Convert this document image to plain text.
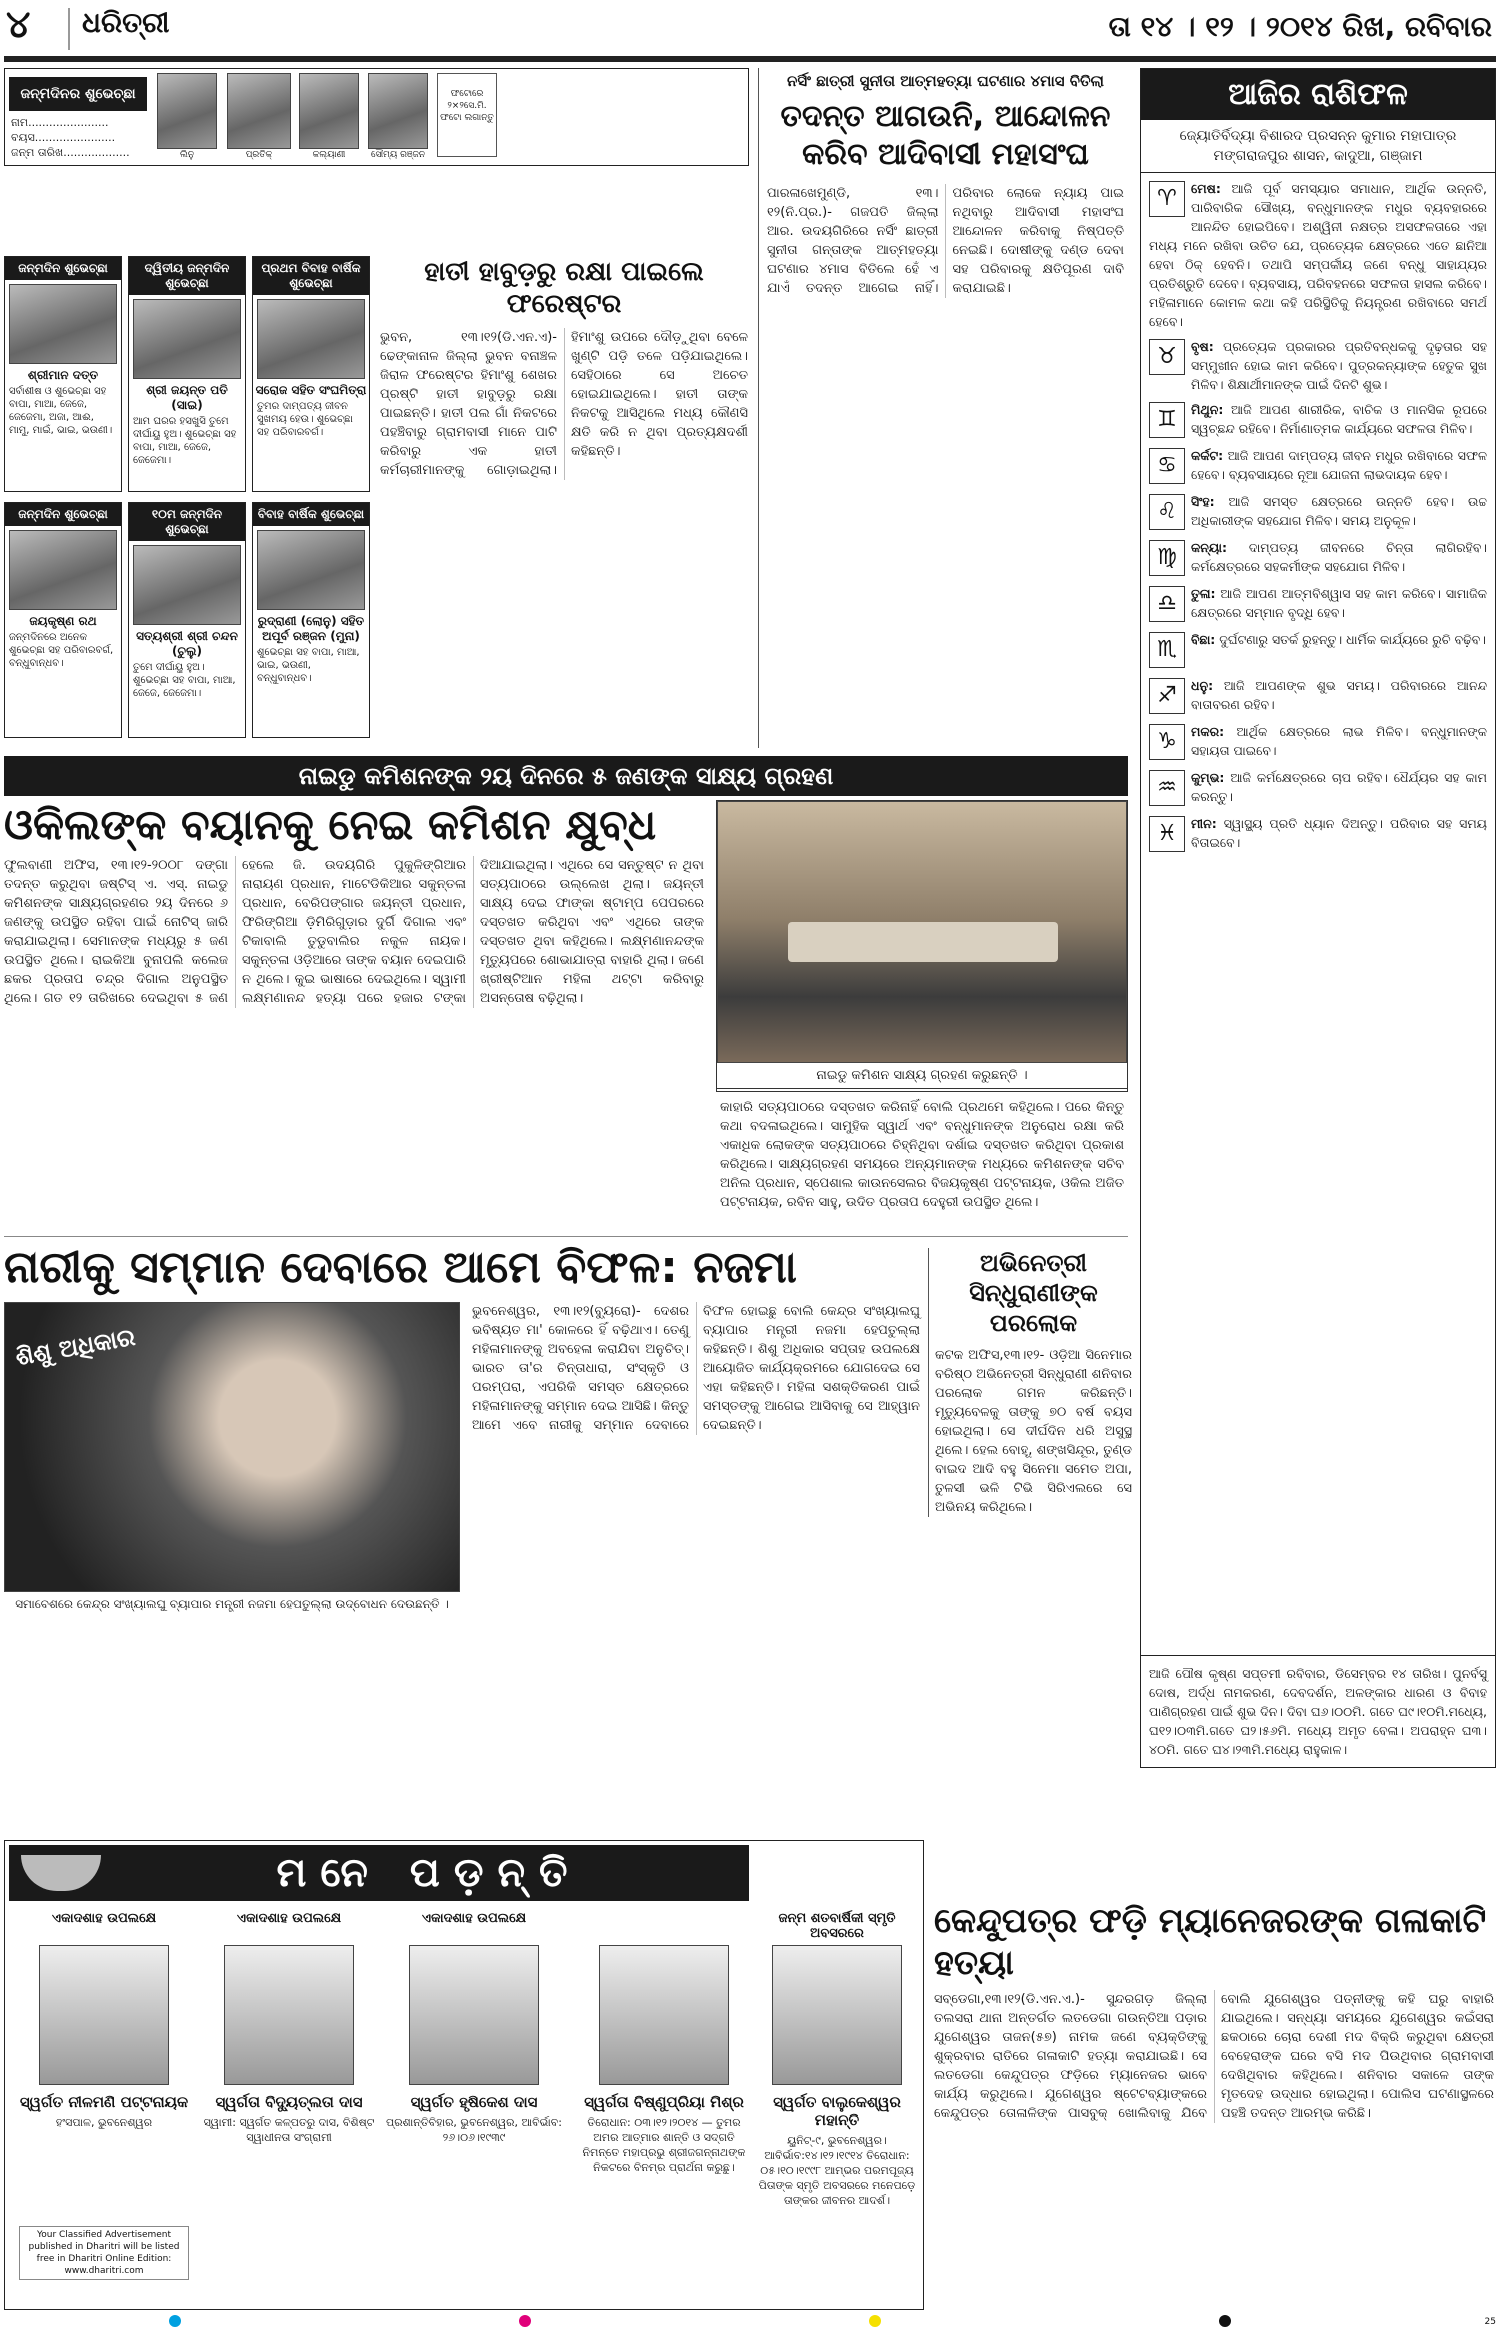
୪ ଧରିତ୍ରୀ	ତା ୧୪ । ୧୨ । ୨୦୧୪ ରିଖ, ରବିବାର
ଜନ୍ମଦିନର ଶୁଭେଚ୍ଛା
ନାମ.......................
ବୟସ.......................
ଜନ୍ମ ତାରିଖ...................	ଲିନୁ	ପ୍ରତିକ୍	କଲ୍ୟାଣୀ	ସୌମ୍ୟ ରଞ୍ଜନ
ଫଟୋରେ ୨×୨ସେ.ମି. ଫଟୋ ଲଗାନ୍ତୁ
ନର୍ସିଂ ଛାତ୍ରୀ ସୁନୀତା ଆତ୍ମହତ୍ୟା ଘଟଣାର ୪ମାସ ବିତିଲା
ତଦନ୍ତ ଆଗଉନି, ଆନ୍ଦୋଳନ କରିବ ଆଦିବାସୀ ମହାସଂଘ
ପାରଳାଖେମୁଣ୍ଡି, ୧୩।୧୨(ନି.ପ୍ର.)- ଗଜପତି ଜିଲ୍ଲା ଆର. ଉଦୟଗିରିରେ ନର୍ସିଂ ଛାତ୍ରୀ ସୁନୀତା ଗନ୍ତାଙ୍କ ଆତ୍ମହତ୍ୟା ଘଟଣାର ୪ମାସ ବିତିଲେ ହେଁ ଏ ଯାଏଁ ତଦନ୍ତ ଆଗେଇ ନାହିଁ। ପରିବାର ଲୋକେ ନ୍ୟାୟ ପାଇ ନଥିବାରୁ ଆଦିବାସୀ ମହାସଂଘ ଆନ୍ଦୋଳନ କରିବାକୁ ନିଷ୍ପତ୍ତି ନେଇଛି। ଦୋଷୀଙ୍କୁ ଦଣ୍ଡ ଦେବା ସହ ପରିବାରକୁ କ୍ଷତିପୂରଣ ଦାବି କରାଯାଇଛି।
ଆଜିର ରାଶିଫଳ
ଜ୍ୟୋତିର୍ବିଦ୍ୟା ବିଶାରଦ ପ୍ରସନ୍ନ କୁମାର ମହାପାତ୍ର
ମଙ୍ଗରାଜପୁର ଶାସନ, କାଦୁଆ, ଗଞ୍ଜାମ
♈	ମେଷ: ଆଜି ପୂର୍ବ ସମସ୍ୟାର ସମାଧାନ, ଆର୍ଥିକ ଉନ୍ନତି, ପାରିବାରିକ ସୌଖ୍ୟ, ବନ୍ଧୁମାନଙ୍କ ମଧୁର ବ୍ୟବହାରରେ ଆନନ୍ଦିତ ହୋଇପିବେ। ଅଶ୍ୱିନୀ ନକ୍ଷତ୍ର ଅସଫଳତାରେ ଏହା ମଧ୍ୟ ମନେ ରଖିବା ଉଚିତ ଯେ, ପ୍ରତ୍ୟେକ କ୍ଷେତ୍ରରେ ଏତେ ଛାନିଆ ହେବା ଠିକ୍ ହେବନି। ତଥାପି ସମ୍ପର୍କୀୟ ଜଣେ ବନ୍ଧୁ ସାହାଯ୍ୟର ପ୍ରତିଶ୍ରୁତି ଦେବେ। ବ୍ୟବସାୟ, ପରିବହନରେ ସଫଳତା ହାସଲ କରିବେ। ମହିଳାମାନେ କୋମଳ କଥା କହି ପରିସ୍ଥିତିକୁ ନିୟନ୍ତ୍ରଣ ରଖିବାରେ ସମର୍ଥ ହେବେ।
♉	ବୃଷ: ପ୍ରତ୍ୟେକ ପ୍ରକାରର ପ୍ରତିବନ୍ଧକକୁ ଦୃଢ଼ତାର ସହ ସମ୍ମୁଖୀନ ହୋଇ କାମ କରିବେ। ପୁତ୍ରକନ୍ୟାଙ୍କ ହେତୁକ ସୁଖ ମିଳିବ। ଶିକ୍ଷାର୍ଥୀମାନଙ୍କ ପାଇଁ ଦିନଟି ଶୁଭ।
♊	ମିଥୁନ: ଆଜି ଆପଣ ଶାରୀରିକ, ବାଚିକ ଓ ମାନସିକ ରୂପରେ ସ୍ୱଚ୍ଛନ୍ଦ ରହିବେ। ନିର୍ମାଣାତ୍ମକ କାର୍ଯ୍ୟରେ ସଫଳତା ମିଳିବ।
♋	କର୍କଟ: ଆଜି ଆପଣ ଦାମ୍ପତ୍ୟ ଜୀବନ ମଧୁର ରଖିବାରେ ସଫଳ ହେବେ। ବ୍ୟବସାୟରେ ନୂଆ ଯୋଜନା ଲାଭଦାୟକ ହେବ।
♌	ସିଂହ: ଆଜି ସମସ୍ତ କ୍ଷେତ୍ରରେ ଉନ୍ନତି ହେବ। ଉଚ୍ଚ ଅଧିକାରୀଙ୍କ ସହଯୋଗ ମିଳିବ। ସମୟ ଅନୁକୂଳ।
♍	କନ୍ୟା: ଦାମ୍ପତ୍ୟ ଜୀବନରେ ଚିନ୍ତା ଲାଗିରହିବ। କର୍ମକ୍ଷେତ୍ରରେ ସହକର୍ମୀଙ୍କ ସହଯୋଗ ମିଳିବ।
♎	ତୁଳା: ଆଜି ଆପଣ ଆତ୍ମବିଶ୍ୱାସ ସହ କାମ କରିବେ। ସାମାଜିକ କ୍ଷେତ୍ରରେ ସମ୍ମାନ ବୃଦ୍ଧି ହେବ।
♏	ବିଛା: ଦୁର୍ଘଟଣାରୁ ସତର୍କ ରୁହନ୍ତୁ। ଧାର୍ମିକ କାର୍ଯ୍ୟରେ ରୁଚି ବଢ଼ିବ।
♐	ଧନୁ: ଆଜି ଆପଣଙ୍କ ଶୁଭ ସମୟ। ପରିବାରରେ ଆନନ୍ଦ ବାତାବରଣ ରହିବ।
♑	ମକର: ଆର୍ଥିକ କ୍ଷେତ୍ରରେ ଲାଭ ମିଳିବ। ବନ୍ଧୁମାନଙ୍କ ସହାୟତା ପାଇବେ।
♒	କୁମ୍ଭ: ଆଜି କର୍ମକ୍ଷେତ୍ରରେ ଚାପ ରହିବ। ଧୈର୍ଯ୍ୟର ସହ କାମ କରନ୍ତୁ।
♓	ମୀନ: ସ୍ୱାସ୍ଥ୍ୟ ପ୍ରତି ଧ୍ୟାନ ଦିଅନ୍ତୁ। ପରିବାର ସହ ସମୟ ବିତାଇବେ।
ଆଜି ପୌଷ କୃଷ୍ଣ ସପ୍ତମୀ ରବିବାର, ଡିସେମ୍ବର ୧୪ ତାରିଖ। ପୁନର୍ବସୁ ଦୋଷ, ଅର୍ଦ୍ଧ ନାମକରଣ, ଦେବଦର୍ଶନ, ଅଳଙ୍କାର ଧାରଣ ଓ ବିବାହ ପାଣିଗ୍ରହଣ ପାଇଁ ଶୁଭ ଦିନ। ଦିବା ଘ୬।୦୦ମି. ଗତେ ଘ୯।୧୦ମି.ମଧ୍ୟେ, ଘ୧୨।୦୩ମି.ଗତେ ଘ୨।୫୬ମି. ମଧ୍ୟେ ଅମୃତ ବେଳା। ଅପରାହ୍ନ ଘ୩।୪୦ମି. ଗତେ ଘ୪।୨୩ମି.ମଧ୍ୟେ ରାହୁକାଳ।
ଜନ୍ମଦିନ ଶୁଭେଚ୍ଛା
ଶ୍ରୀମାନ ଦତ୍ତ
ସର୍ବାଶୀଷ ଓ ଶୁଭେଚ୍ଛା ସହ ବାପା, ମାଆ, ଜେଜେ, ଜେଜେମା, ଅଜା, ଆଈ, ମାମୁ, ମାଇଁ, ଭାଇ, ଭଉଣୀ।
ଦ୍ୱିତୀୟ ଜନ୍ମଦିନ ଶୁଭେଚ୍ଛା
ଶ୍ରୀ ଜୟନ୍ତ ପତି (ସାଇ)
ଆମ ଘରର ହସଖୁସି ତୁମେ ଦୀର୍ଘାୟୁ ହୁଅ। ଶୁଭେଚ୍ଛା ସହ ବାପା, ମାଆ, ଜେଜେ, ଜେଜେମା।
ପ୍ରଥମ ବିବାହ ବାର୍ଷିକ ଶୁଭେଚ୍ଛା
ସରୋଜ ସହିତ ସଂଘମିତ୍ରା
ତୁମର ଦାମ୍ପତ୍ୟ ଜୀବନ ସୁଖମୟ ହେଉ। ଶୁଭେଚ୍ଛା ସହ ପରିବାରବର୍ଗ।
ଜନ୍ମଦିନ ଶୁଭେଚ୍ଛା
ଜୟକୃଷ୍ଣ ରଥ
ଜନ୍ମଦିନରେ ଅନେକ ଶୁଭେଚ୍ଛା ସହ ପରିବାରବର୍ଗ, ବନ୍ଧୁବାନ୍ଧବ।
୧୦ମ ଜନ୍ମଦିନ ଶୁଭେଚ୍ଛା
ସତ୍ୟଶ୍ରୀ ଶ୍ରୀ ଚନ୍ଦନ (ଚୁଲୁ)
ତୁମେ ଦୀର୍ଘାୟୁ ହୁଅ। ଶୁଭେଚ୍ଛା ସହ ବାପା, ମାଆ, ଜେଜେ, ଜେଜେମା।
ବିବାହ ବାର୍ଷିକ ଶୁଭେଚ୍ଛା
ରୁଦ୍ରାଣୀ (ଲୋନୁ) ସହିତ ଅପୂର୍ବ ରଞ୍ଜନ (ମୁନା)
ଶୁଭେଚ୍ଛା ସହ ବାପା, ମାଆ, ଭାଇ, ଭଉଣୀ, ବନ୍ଧୁବାନ୍ଧବ।
ହାତୀ ହାବୁଡ଼ରୁ ରକ୍ଷା ପାଇଲେ ଫରେଷ୍ଟର
ଭୁବନ, ୧୩।୧୨(ଡି.ଏନ.ଏ)- ଢେଙ୍କାନାଳ ଜିଲ୍ଲା ଭୁବନ ବନାଞ୍ଚଳ ଜିରାଳ ଫରେଷ୍ଟର ହିମାଂଶୁ ଶେଖର ପ୍ରଷ୍ଟି ହାତୀ ହାବୁଡ଼ରୁ ରକ୍ଷା ପାଇଛନ୍ତି। ହାତୀ ପଲ ଗାଁ ନିକଟରେ ପହଞ୍ଚିବାରୁ ଗ୍ରାମବାସୀ ମାନେ ପାଟି କରିବାରୁ ଏକ ହାତୀ କର୍ମଚାରୀମାନଙ୍କୁ ଗୋଡ଼ାଇଥିଲା। ହିମାଂଶୁ ଉପରେ ଦୌଡ଼ୁଥିବା ବେଳେ ଖୁଣ୍ଟି ପଡ଼ି ତଳେ ପଡ଼ିଯାଇଥିଲେ। ସେହିଠାରେ ସେ ଅଚେତ ହୋଇଯାଇଥିଲେ। ହାତୀ ତାଙ୍କ ନିକଟକୁ ଆସିଥିଲେ ମଧ୍ୟ କୌଣସି କ୍ଷତି କରି ନ ଥିବା ପ୍ରତ୍ୟକ୍ଷଦର୍ଶୀ କହିଛନ୍ତି।
ନାଇଡୁ କମିଶନଙ୍କ ୨ୟ ଦିନରେ ୫ ଜଣଙ୍କ ସାକ୍ଷ୍ୟ ଗ୍ରହଣ
ଓକିଲଙ୍କ ବୟାନକୁ ନେଇ କମିଶନ କ୍ଷୁବ୍ଧ
ଫୁଲବାଣୀ ଅଫିସ, ୧୩।୧୨-୨୦୦୮ ଦଙ୍ଗା ତଦନ୍ତ କରୁଥିବା ଜଷ୍ଟିସ୍ ଏ. ଏସ୍. ନାଇଡୁ କମିଶନଙ୍କ ସାକ୍ଷ୍ୟଗ୍ରହଣର ୨ୟ ଦିନରେ ୬ ଜଣଙ୍କୁ ଉପସ୍ଥିତ ରହିବା ପାଇଁ ନୋଟିସ୍ ଜାରି କରାଯାଇଥିଲା। ସେମାନଙ୍କ ମଧ୍ୟରୁ ୫ ଜଣ ଉପସ୍ଥିତ ଥିଲେ। ରାଇକିଆ ବୁନାପଲି କଲେଜ ଛକର ପ୍ରତାପ ଚନ୍ଦ୍ର ଦିଗାଲ ଅନୁପସ୍ଥିତ ଥିଲେ। ଗତ ୧୨ ତାରିଖରେ ଦେଇଥିବା ୫ ଜଣ ହେଲେ ଜି. ଉଦୟଗିରି ପୁକୁଳିଙ୍ଗିଆର ନାରାୟଣ ପ୍ରଧାନ, ମାଟେଡିକିଆର ସକୁନ୍ତଳା ପ୍ରଧାନ, ବେରିପଙ୍ଗାର ଜୟନ୍ତୀ ପ୍ରଧାନ, ଫିରିଙ୍ଗିଆ ଡ଼ିମିରିଗୁଡ଼ାର ଦୁର୍ଗି ଦିଗାଲ ଏବଂ ଟିକାବାଲି ତୁଡୁବାଲିର ନକୁଳ ନାୟକ। ସକୁନ୍ତଳା ଓଡ଼ିଆରେ ତାଙ୍କ ବୟାନ ଦେଇପାରି ନ ଥିଲେ। କୁଇ ଭାଷାରେ ଦେଇଥିଲେ। ସ୍ୱାମୀ ଲକ୍ଷ୍ମଣାନନ୍ଦ ହତ୍ୟା ପରେ ହଜାର ଟଙ୍କା ଦିଆଯାଇଥିଲା। ଏଥିରେ ସେ ସନ୍ତୁଷ୍ଟ ନ ଥିବା ସତ୍ୟପାଠରେ ଉଲ୍ଲେଖ ଥିଲା। ଜୟନ୍ତୀ ସାକ୍ଷ୍ୟ ଦେଇ ଫାଙ୍କା ଷ୍ଟାମ୍ପ ପେପରରେ ଦସ୍ତଖତ କରିଥିବା ଏବଂ ଏଥିରେ ତାଙ୍କ ଦସ୍ତଖତ ଥିବା କହିଥିଲେ। ଲକ୍ଷ୍ମଣାନନ୍ଦଙ୍କ ମୃତ୍ୟୁପରେ ଶୋଭାଯାତ୍ରା ବାହାରି ଥିଲା। ଜଣେ ଖ୍ରୀଷ୍ଟିଆନ ମହିଳା ଥଟ୍ଟା କରିବାରୁ ଅସନ୍ତୋଷ ବଢ଼ିଥିଲା।
ନାଇଡୁ କମିଶନ ସାକ୍ଷ୍ୟ ଗ୍ରହଣ କରୁଛନ୍ତି ।
କାହାରି ସତ୍ୟପାଠରେ ଦସ୍ତଖତ କରିନାହିଁ ବୋଲି ପ୍ରଥମେ କହିଥିଲେ। ପରେ କିନ୍ତୁ କଥା ବଦଳାଇଥିଲେ। ସାମୁହିକ ସ୍ୱାର୍ଥ ଏବଂ ବନ୍ଧୁମାନଙ୍କ ଅନୁରୋଧ ରକ୍ଷା କରି ଏକାଧିକ ଲୋକଙ୍କ ସତ୍ୟପାଠରେ ଚିହ୍ନିଥିବା ଦର୍ଶାଇ ଦସ୍ତଖତ କରିଥିବା ପ୍ରକାଶ କରିଥିଲେ। ସାକ୍ଷ୍ୟଗ୍ରହଣ ସମୟରେ ଅନ୍ୟମାନଙ୍କ ମଧ୍ୟରେ କମିଶନଙ୍କ ସଚିବ ଅନିଲ ପ୍ରଧାନ, ସ୍ପେଶାଲ କାଉନସେଲର ବିଜୟକୃଷ୍ଣ ପଟ୍ଟନାୟକ, ଓକିଲ ଅଜିତ ପଟ୍ଟନାୟକ, ରବିନ ସାହୁ, ଉଦିତ ପ୍ରତାପ ଦେହୁରୀ ଉପସ୍ଥିତ ଥିଲେ।
ନାରୀକୁ ସମ୍ମାନ ଦେବାରେ ଆମେ ବିଫଳ: ନଜମା
ଶିଶୁ ଅଧିକାର
ସମାବେଶରେ କେନ୍ଦ୍ର ସଂଖ୍ୟାଲଘୁ ବ୍ୟାପାର ମନ୍ତ୍ରୀ ନଜମା ହେପତୁଲ୍ଲା ଉଦ୍‌ବୋଧନ ଦେଉଛନ୍ତି ।
ଭୁବନେଶ୍ୱର, ୧୩।୧୨(ବ୍ୟୁରୋ)- ଦେଶର ଭବିଷ୍ୟତ ମା' କୋଳରେ ହିଁ ବଢ଼ିଥାଏ। ତେଣୁ ମହିଳାମାନଙ୍କୁ ଅବହେଳା କରାଯିବା ଅନୁଚିତ୍। ଭାରତ ତା'ର ଚିନ୍ତାଧାରା, ସଂସ୍କୃତି ଓ ପରମ୍ପରା, ଏପରିକି ସମସ୍ତ କ୍ଷେତ୍ରରେ ମହିଳାମାନଙ୍କୁ ସମ୍ମାନ ଦେଇ ଆସିଛି। କିନ୍ତୁ ଆମେ ଏବେ ନାରୀକୁ ସମ୍ମାନ ଦେବାରେ ବିଫଳ ହୋଇଛୁ ବୋଲି କେନ୍ଦ୍ର ସଂଖ୍ୟାଲଘୁ ବ୍ୟାପାର ମନ୍ତ୍ରୀ ନଜମା ହେପତୁଲ୍ଲା କହିଛନ୍ତି। ଶିଶୁ ଅଧିକାର ସପ୍ତାହ ଉପଲକ୍ଷେ ଆୟୋଜିତ କାର୍ଯ୍ୟକ୍ରମରେ ଯୋଗଦେଇ ସେ ଏହା କହିଛନ୍ତି। ମହିଳା ସଶକ୍ତିକରଣ ପାଇଁ ସମସ୍ତଙ୍କୁ ଆଗେଇ ଆସିବାକୁ ସେ ଆହ୍ୱାନ ଦେଇଛନ୍ତି।
ଅଭିନେତ୍ରୀ ସିନ୍ଧୁରାଣୀଙ୍କ ପରଲୋକ
କଟକ ଅଫିସ,୧୩।୧୨- ଓଡ଼ିଆ ସିନେମାର ବରିଷ୍ଠ ଅଭିନେତ୍ରୀ ସିନ୍ଧୁରାଣୀ ଶନିବାର ପରଲୋକ ଗମନ କରିଛନ୍ତି। ମୃତ୍ୟୁବେଳକୁ ତାଙ୍କୁ ୭୦ ବର୍ଷ ବୟସ ହୋଇଥିଲା। ସେ ଦୀର୍ଘଦିନ ଧରି ଅସୁସ୍ଥ ଥିଲେ। ହେଲ ବୋହୂ, ଶଙ୍ଖସିନ୍ଦୂର, ତୁଣ୍ଡ ବାଇଦ ଆଦି ବହୁ ସିନେମା ସମେତ ଅପା, ତୁଳସୀ ଭଳି ଟିଭି ସିରିଏଲରେ ସେ ଅଭିନୟ କରିଥିଲେ।
ମନେ ପଡ଼ନ୍ତି
ଏକାଦଶାହ ଉପଲକ୍ଷେ
ସ୍ୱର୍ଗତ ନୀଳମଣି ପଟ୍ଟନାୟକ
ହଂସପାଳ, ଭୁବନେଶ୍ୱର
ଏକାଦଶାହ ଉପଲକ୍ଷେ
ସ୍ୱର୍ଗତା ବିଦ୍ୟୁତ୍‌ଲତା ଦାସ
ସ୍ୱାମୀ: ସ୍ୱର୍ଗତ କଳ୍ପତରୁ ଦାସ, ବିଶିଷ୍ଟ ସ୍ୱାଧୀନତା ସଂଗ୍ରାମୀ
ଏକାଦଶାହ ଉପଲକ୍ଷେ
ସ୍ୱର୍ଗତ ହୃଷିକେଶ ଦାସ
ପ୍ରଶାନ୍ତିବିହାର, ଭୁବନେଶ୍ୱର, ଆବିର୍ଭାବ: ୨୬।୦୬।୧୯୩୯
ସ୍ୱର୍ଗତା ବିଷ୍ଣୁପ୍ରିୟା ମିଶ୍ର
ତିରୋଧାନ: ୦୩।୧୨।୨୦୧୪ — ତୁମର ଅମର ଆତ୍ମାର ଶାନ୍ତି ଓ ସଦ୍‌ଗତି ନିମନ୍ତେ ମହାପ୍ରଭୁ ଶ୍ରୀଜଗନ୍ନାଥଙ୍କ ନିକଟରେ ବିନମ୍ର ପ୍ରାର୍ଥନା କରୁଛୁ।
ଜନ୍ମ ଶତବାର୍ଷିକୀ ସ୍ମୃତି ଅବସରରେ
ସ୍ୱର୍ଗତ ବାଲୁକେଶ୍ୱର ମହାନ୍ତି
ୟୁନିଟ୍-୯, ଭୁବନେଶ୍ୱର। ଆବିର୍ଭାବ:୧୪।୧୨।୧୯୧୪ ତିରୋଧାନ: ୦୫।୧୦।୧୯୯୮ ଆମ୍ଭର ପରମପୂଜ୍ୟ ପିତାଙ୍କ ସ୍ମୃତି ଅବସରରେ ମନେପଡ଼େ ତାଙ୍କର ଜୀବନର ଆଦର୍ଶ।
Your Classified Advertisement published in Dharitri will be listed free in Dharitri Online Edition: www.dharitri.com
କେନ୍ଦୁପତ୍ର ଫଡ଼ି ମ୍ୟାନେଜରଙ୍କ ଗଳାକାଟି ହତ୍ୟା
ସବ୍‌ଡେଗା,୧୩।୧୨(ଡି.ଏନ.ଏ.)- ସୁନ୍ଦରଗଡ଼ ଜିଲ୍ଲା ତଲସରା ଥାନା ଅନ୍ତର୍ଗତ ଲତଡେଗା ଗଉନ୍ତିଆ ପଡ଼ାର ଯୁଗେଶ୍ୱର ତାଜନ(୫୭) ନାମକ ଜଣେ ବ୍ୟକ୍ତିଙ୍କୁ ଶୁକ୍ରବାର ରାତିରେ ଗଳାକାଟି ହତ୍ୟା କରାଯାଇଛି। ସେ ଲତଡେଗା କେନ୍ଦୁପତ୍ର ଫଡ଼ିରେ ମ୍ୟାନେଜର ଭାବେ କାର୍ଯ୍ୟ କରୁଥିଲେ। ଯୁଗେଶ୍ୱର ଷ୍ଟେଟବ୍ୟାଙ୍କରେ କେନ୍ଦୁପତ୍ର ତୋଳାଳିଙ୍କ ପାସବୁକ୍ ଖୋଲିବାକୁ ଯିବେ ବୋଲି ଯୁଗେଶ୍ୱର ପତ୍ନୀଙ୍କୁ କହି ଘରୁ ବାହାରି ଯାଇଥିଲେ। ସନ୍ଧ୍ୟା ସମୟରେ ଯୁଗେଶ୍ୱର କଇଁସରା ଛକଠାରେ ଚୋରା ଦେଶୀ ମଦ ବିକ୍ରି କରୁଥିବା କ୍ଷେତ୍ରୀ ବେହେରାଙ୍କ ଘରେ ବସି ମଦ ପିଉଥିବାର ଗ୍ରାମବାସୀ ଦେଖିଥିବାର କହିଥିଲେ। ଶନିବାର ସକାଳେ ତାଙ୍କ ମୃତଦେହ ଉଦ୍ଧାର ହୋଇଥିଲା। ପୋଲିସ ଘଟଣାସ୍ଥଳରେ ପହଞ୍ଚି ତଦନ୍ତ ଆରମ୍ଭ କରିଛି।
25
